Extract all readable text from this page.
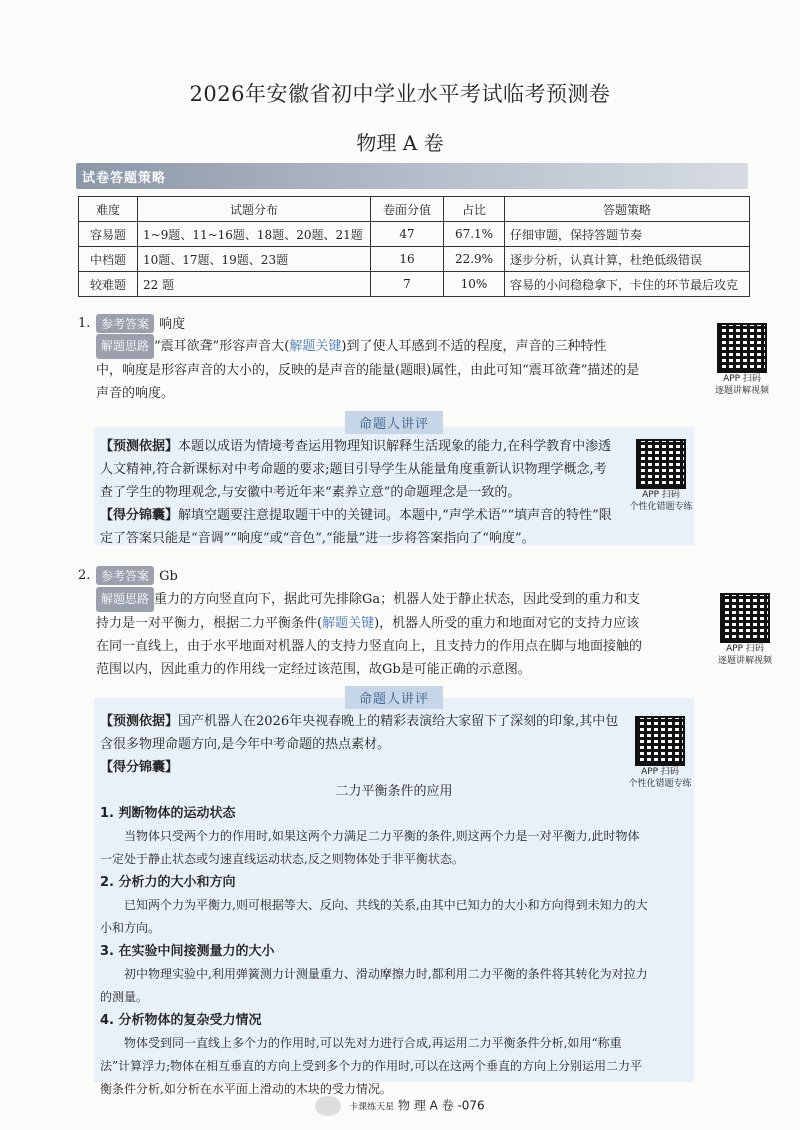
2026年安徽省初中学业水平考试临考预测卷
物理 A 卷
试卷答题策略
难度	试题分布	卷面分值	占比	答题策略
容易题	1~9题、11~16题、18题、20题、21题	47	67.1%	仔细审题，保持答题节奏
中档题	10题、17题、19题、23题	16	22.9%	逐步分析，认真计算，杜绝低级错误
较难题	22 题	7	10%	容易的小问稳稳拿下，卡住的环节最后攻克
1. 参考答案 响度
解题思路 “震耳欲聋”形容声音大(解题关键)到了使人耳感到不适的程度，声音的三种特性
中，响度是形容声音的大小的，反映的是声音的能量(题眼)属性，由此可知“震耳欲聋”描述的是
声音的响度。
APP 扫码
逐题讲解视频
命题人讲评
【预测依据】本题以成语为情境考查运用物理知识解释生活现象的能力,在科学教育中渗透
人文精神,符合新课标对中考命题的要求;题目引导学生从能量角度重新认识物理学概念,考
查了学生的物理观念,与安徽中考近年来“素养立意”的命题理念是一致的。
【得分锦囊】解填空题要注意提取题干中的关键词。本题中,“声学术语”“填声音的特性”限
定了答案只能是“音调”“响度”或“音色”,“能量”进一步将答案指向了“响度”。
APP 扫码
个性化错题专练
2. 参考答案 Gb
解题思路 重力的方向竖直向下，据此可先排除Ga；机器人处于静止状态，因此受到的重力和支
持力是一对平衡力，根据二力平衡条件(解题关键)，机器人所受的重力和地面对它的支持力应该
在同一直线上，由于水平地面对机器人的支持力竖直向上，且支持力的作用点在脚与地面接触的
范围以内，因此重力的作用线一定经过该范围，故Gb是可能正确的示意图。
APP 扫码
逐题讲解视频
命题人讲评
【预测依据】国产机器人在2026年央视春晚上的精彩表演给大家留下了深刻的印象,其中包
含很多物理命题方向,是今年中考命题的热点素材。
【得分锦囊】	APP 扫码
个性化错题专练
二力平衡条件的应用
1. 判断物体的运动状态
当物体只受两个力的作用时,如果这两个力满足二力平衡的条件,则这两个力是一对平衡力,此时物体
一定处于静止状态或匀速直线运动状态,反之则物体处于非平衡状态。
2. 分析力的大小和方向
已知两个力为平衡力,则可根据等大、反向、共线的关系,由其中已知力的大小和方向得到未知力的大
小和方向。
3. 在实验中间接测量力的大小
初中物理实验中,利用弹簧测力计测量重力、滑动摩擦力时,都利用二力平衡的条件将其转化为对拉力
的测量。
4. 分析物体的复杂受力情况
物体受到同一直线上多个力的作用时,可以先对力进行合成,再运用二力平衡条件分析,如用“称重
法”计算浮力;物体在相互垂直的方向上受到多个力的作用时,可以在这两个垂直的方向上分别运用二力平
衡条件分析,如分析在水平面上滑动的木块的受力情况。
卡课练天星 物 理 A 卷 -076
